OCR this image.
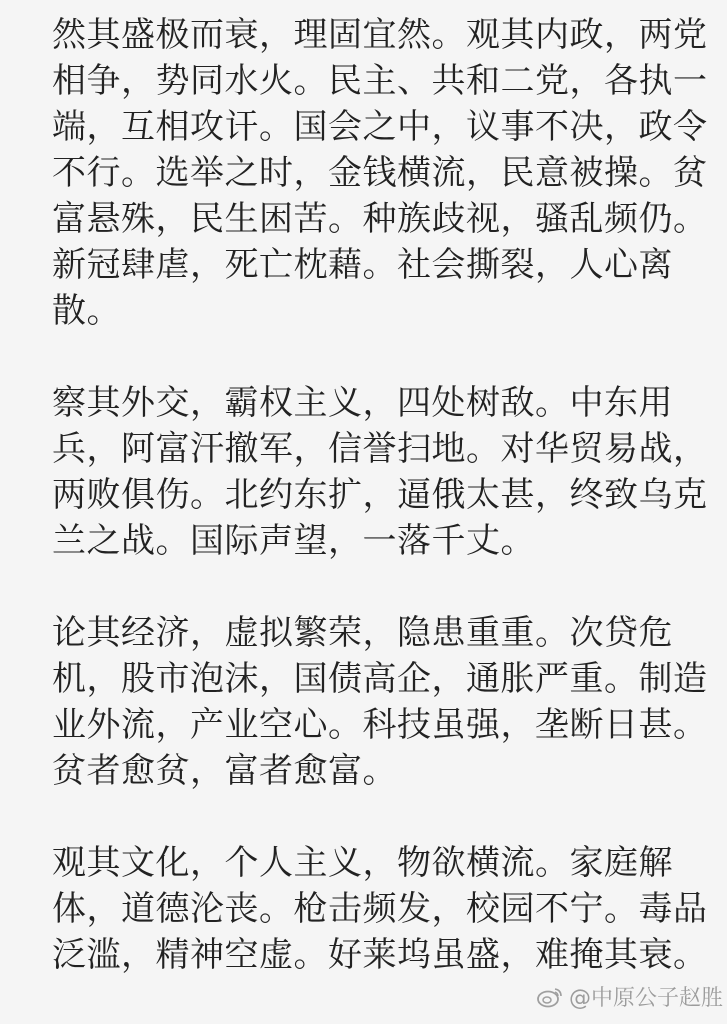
然其盛极而衰，理固宜然。观其内政，两党
相争，势同水火。民主、共和二党，各执一
端，互相攻讦。国会之中，议事不决，政令
不行。选举之时，金钱横流，民意被操。贫
富悬殊，民生困苦。种族歧视，骚乱频仍。
新冠肆虐，死亡枕藉。社会撕裂，人心离
散。
察其外交，霸权主义，四处树敌。中东用
兵，阿富汗撤军，信誉扫地。对华贸易战，
两败俱伤。北约东扩，逼俄太甚，终致乌克
兰之战。国际声望，一落千丈。
论其经济，虚拟繁荣，隐患重重。次贷危
机，股市泡沫，国债高企，通胀严重。制造
业外流，产业空心。科技虽强，垄断日甚。
贫者愈贫，富者愈富。
观其文化，个人主义，物欲横流。家庭解
体，道德沦丧。枪击频发，校园不宁。毒品
泛滥，精神空虚。好莱坞虽盛，难掩其衰。
@中原公子赵胜
